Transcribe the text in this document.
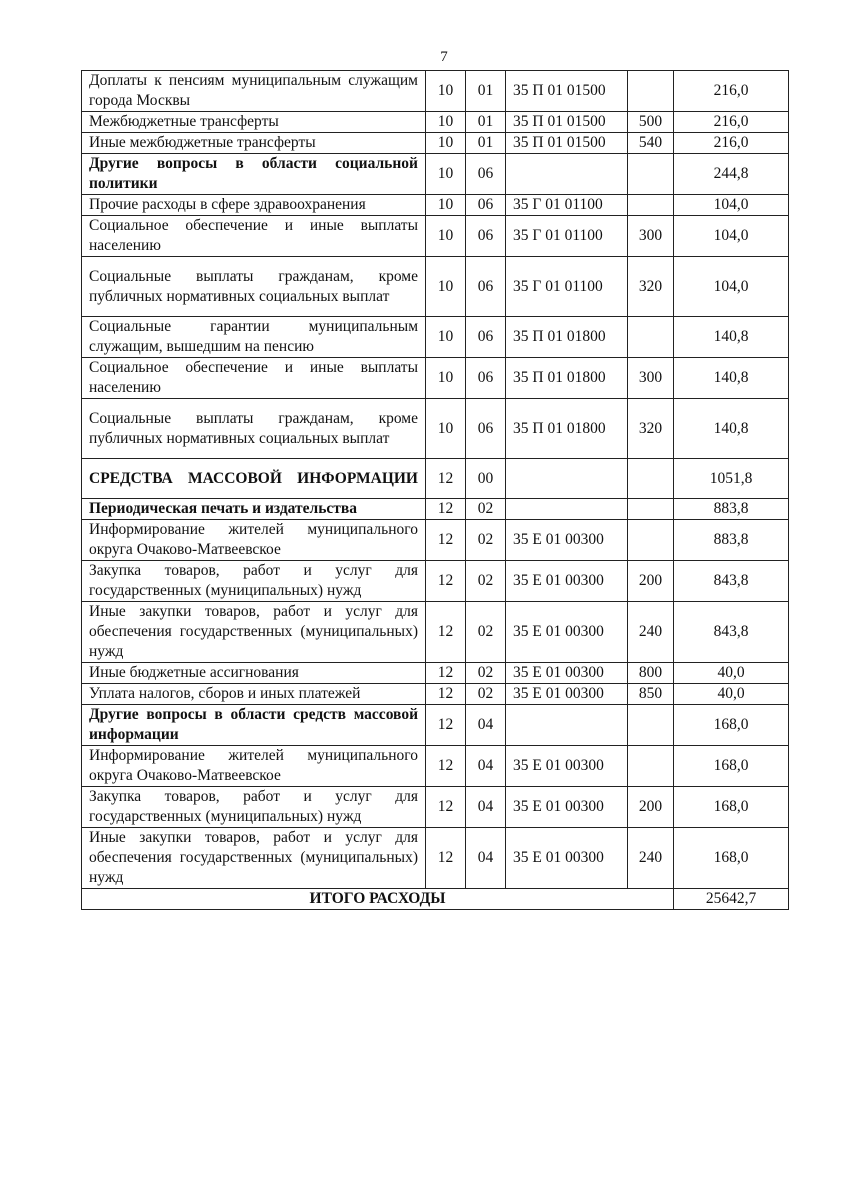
7
Доплаты к пенсиям муниципальным служащим города Москвы	10	01	35 П 01 01500		216,0
Межбюджетные трансферты	10	01	35 П 01 01500	500	216,0
Иные межбюджетные трансферты	10	01	35 П 01 01500	540	216,0
Другие вопросы в области социальной политики	10	06			244,8
Прочие расходы в сфере здравоохранения	10	06	35 Г 01 01100		104,0
Социальное обеспечение и иные выплаты населению	10	06	35 Г 01 01100	300	104,0
Социальные выплаты гражданам, кроме публичных нормативных социальных выплат	10	06	35 Г 01 01100	320	104,0
Социальные гарантии муниципальным служащим, вышедшим на пенсию	10	06	35 П 01 01800		140,8
Социальное обеспечение и иные выплаты населению	10	06	35 П 01 01800	300	140,8
Социальные выплаты гражданам, кроме публичных нормативных социальных выплат	10	06	35 П 01 01800	320	140,8
СРЕДСТВА МАССОВОЙ ИНФОРМАЦИИ	12	00			1051,8
Периодическая печать и издательства	12	02			883,8
Информирование жителей муниципального округа Очаково-Матвеевское	12	02	35 Е 01 00300		883,8
Закупка товаров, работ и услуг для государственных (муниципальных) нужд	12	02	35 Е 01 00300	200	843,8
Иные закупки товаров, работ и услуг для обеспечения государственных (муниципальных) нужд	12	02	35 Е 01 00300	240	843,8
Иные бюджетные ассигнования	12	02	35 Е 01 00300	800	40,0
Уплата налогов, сборов и иных платежей	12	02	35 Е 01 00300	850	40,0
Другие вопросы в области средств массовой информации	12	04			168,0
Информирование жителей муниципального округа Очаково-Матвеевское	12	04	35 Е 01 00300		168,0
Закупка товаров, работ и услуг для государственных (муниципальных) нужд	12	04	35 Е 01 00300	200	168,0
Иные закупки товаров, работ и услуг для обеспечения государственных (муниципальных) нужд	12	04	35 Е 01 00300	240	168,0
ИТОГО РАСХОДЫ					25642,7
